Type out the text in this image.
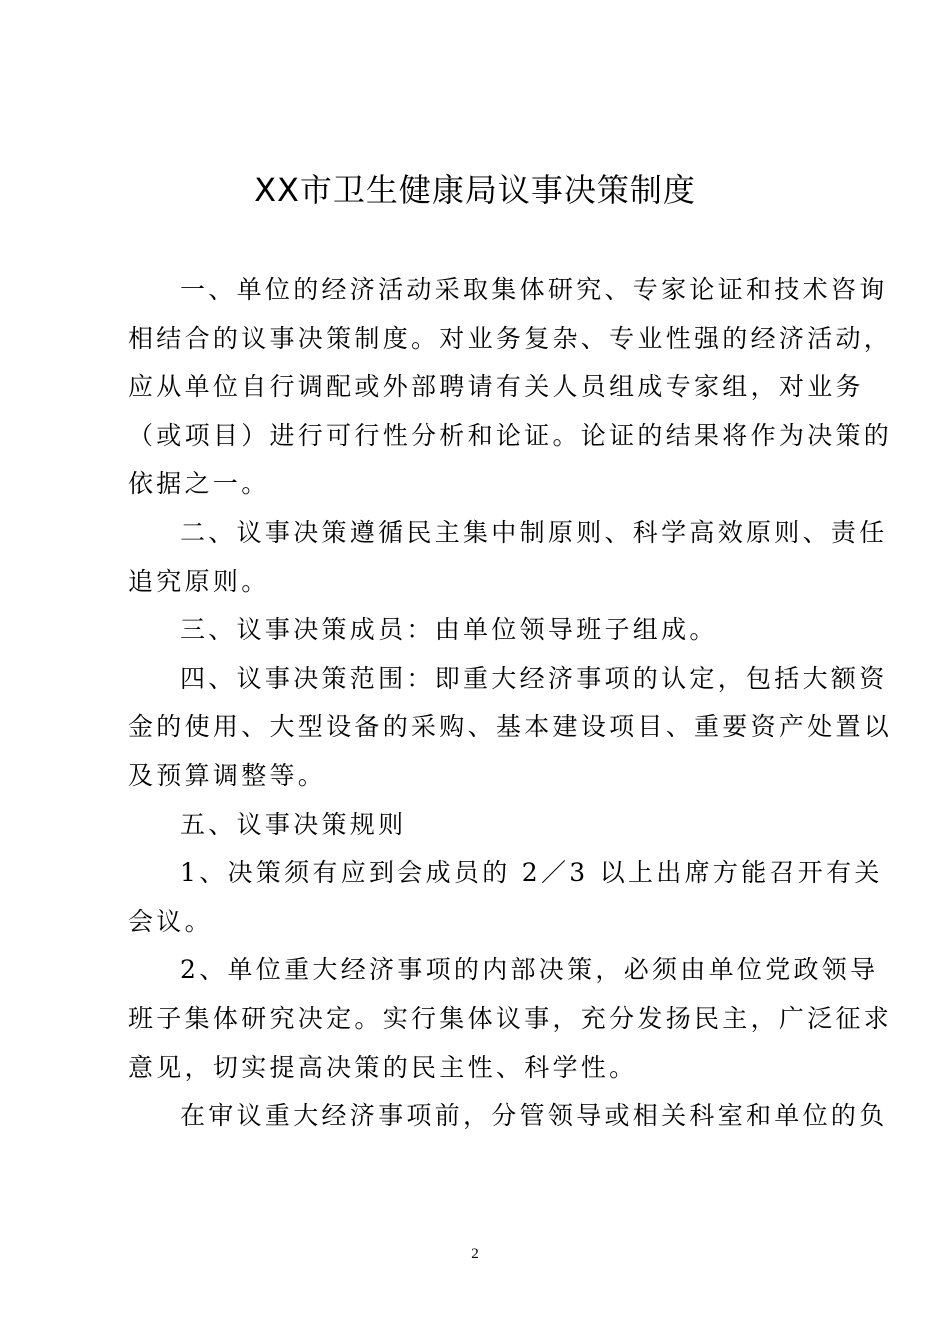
XX市卫生健康局议事决策制度
一、单位的经济活动采取集体研究、专家论证和技术咨询
相结合的议事决策制度。对业务复杂、专业性强的经济活动，
应从单位自行调配或外部聘请有关人员组成专家组，对业务
（或项目）进行可行性分析和论证。论证的结果将作为决策的
依据之一。
二、议事决策遵循民主集中制原则、科学高效原则、责任
追究原则。
三、议事决策成员：由单位领导班子组成。
四、议事决策范围：即重大经济事项的认定，包括大额资
金的使用、大型设备的采购、基本建设项目、重要资产处置以
及预算调整等。
五、议事决策规则
1、决策须有应到会成员的 2／3 以上出席方能召开有关
会议。
2、单位重大经济事项的内部决策，必须由单位党政领导
班子集体研究决定。实行集体议事，充分发扬民主，广泛征求
意见，切实提高决策的民主性、科学性。
在审议重大经济事项前，分管领导或相关科室和单位的负
2
